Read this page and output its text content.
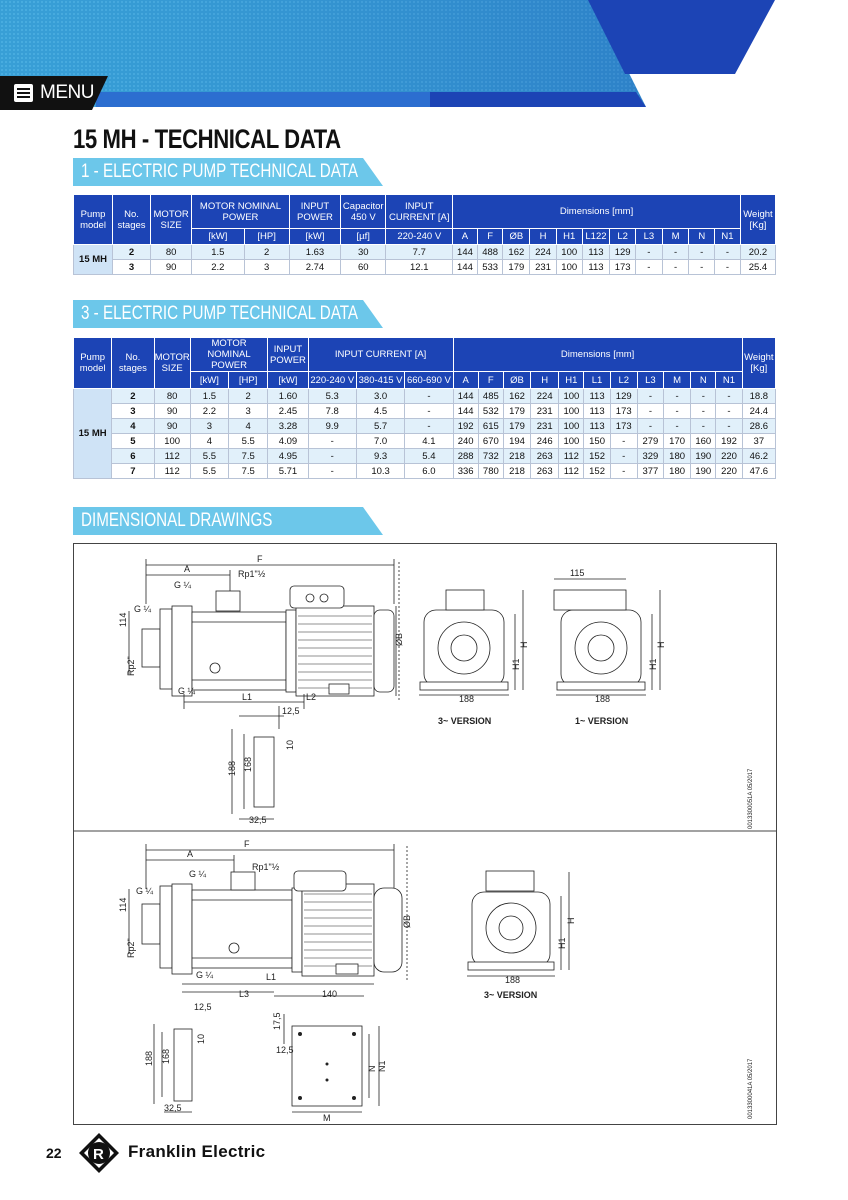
MENU
15 MH - TECHNICAL DATA
1 - ELECTRIC PUMP TECHNICAL DATA
Pump model	No. stages	MOTOR SIZE	MOTOR NOMINAL POWER		INPUT POWER	Capacitor 450 V	INPUT CURRENT [A]	Dimensions [mm]											Weight [Kg]
			[kW]	[HP]	[kW]	[µf]	220-240 V	A	F	ØB	H	H1	L122	L2	L3	M	N	N1	
15 MH	2	80	1.5	2	1.63	30	7.7	144	488	162	224	100	113	129	-	-	-	-	20.2
	3	90	2.2	3	2.74	60	12.1	144	533	179	231	100	113	173	-	-	-	-	25.4
3 - ELECTRIC PUMP TECHNICAL DATA
Pump model	No. stages	MOTOR SIZE	MOTOR NOMINAL POWER		INPUT POWER	INPUT CURRENT [A]			Dimensions [mm]											Weight [Kg]
			[kW]	[HP]	[kW]	220-240 V	380-415 V	660-690 V	A	F	ØB	H	H1	L1	L2	L3	M	N	N1	
15 MH	2	80	1.5	2	1.60	5.3	3.0	-	144	485	162	224	100	113	129	-	-	-	-	18.8
	3	90	2.2	3	2.45	7.8	4.5	-	144	532	179	231	100	113	173	-	-	-	-	24.4
	4	90	3	4	3.28	9.9	5.7	-	192	615	179	231	100	113	173	-	-	-	-	28.6
	5	100	4	5.5	4.09	-	7.0	4.1	240	670	194	246	100	150	-	279	170	160	192	37
	6	112	5.5	7.5	4.95	-	9.3	5.4	288	732	218	263	112	152	-	329	180	190	220	46.2
	7	112	5.5	7.5	5.71	-	10.3	6.0	336	780	218	263	112	152	-	377	180	190	220	47.6
DIMENSIONAL DRAWINGS
F
A	Rp1"½
G ¼
G ¼
G ¼
114
Rp2"
L1	L2
ØB
12,5
10
188 168
32,5
188	188
115
H
H1
H
H1
3~ VERSION	1~ VERSION
0013300051A 05/2017
F
A
Rp1"½
G ¼
G ¼
G ¼
114
Rp2"
L1
L3	140
ØB
12,5
10
188 168
32,5
17,5
12,5
N N1
M
188
H
H1
3~ VERSION
0013300041A 05/2017
22 R Franklin Electric
